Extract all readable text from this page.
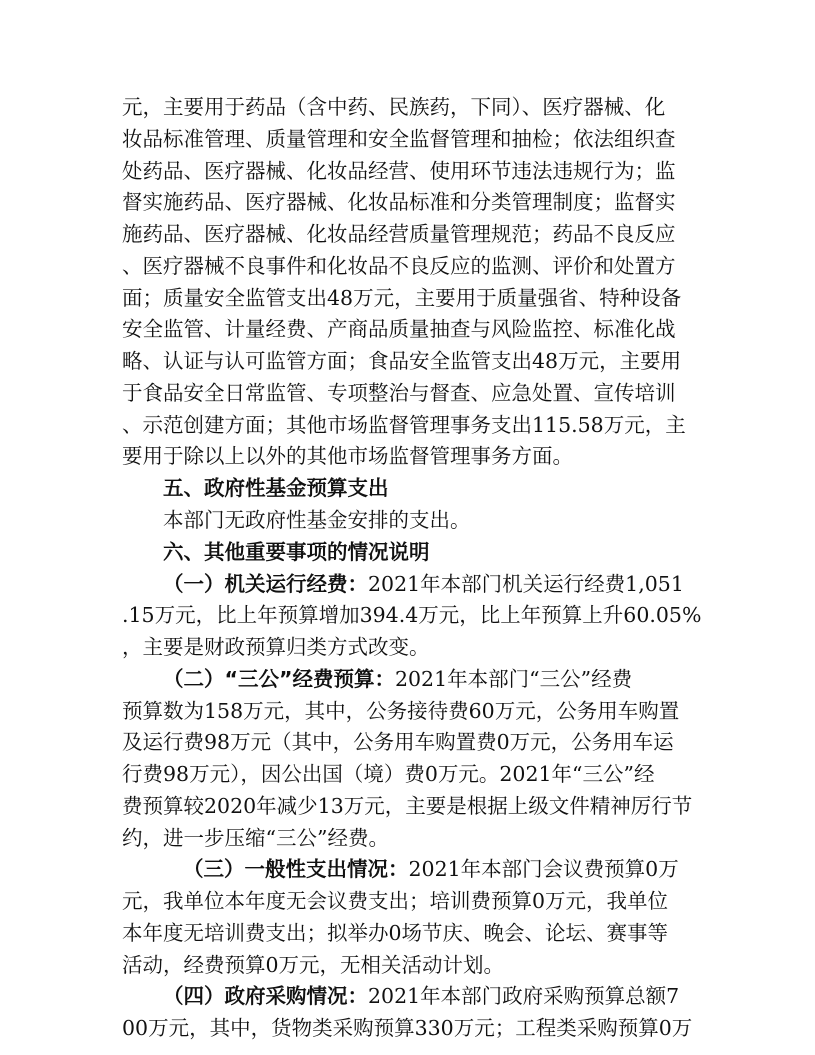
元，主要用于药品（含中药、民族药，下同）、医疗器械、化
妆品标准管理、质量管理和安全监督管理和抽检；依法组织查
处药品、医疗器械、化妆品经营、使用环节违法违规行为；监
督实施药品、医疗器械、化妆品标准和分类管理制度；监督实
施药品、医疗器械、化妆品经营质量管理规范；药品不良反应
、医疗器械不良事件和化妆品不良反应的监测、评价和处置方
面；质量安全监管支出48万元，主要用于质量强省、特种设备
安全监管、计量经费、产商品质量抽查与风险监控、标准化战
略、认证与认可监管方面；食品安全监管支出48万元，主要用
于食品安全日常监管、专项整治与督查、应急处置、宣传培训
、示范创建方面；其他市场监督管理事务支出115.58万元，主
要用于除以上以外的其他市场监督管理事务方面。
五、政府性基金预算支出
本部门无政府性基金安排的支出。
六、其他重要事项的情况说明
（一）机关运行经费：2021年本部门机关运行经费1,051
.15万元，比上年预算增加394.4万元，比上年预算上升60.05%
，主要是财政预算归类方式改变。
（二）“三公”经费预算：2021年本部门“三公”经费
预算数为158万元，其中，公务接待费60万元，公务用车购置
及运行费98万元（其中，公务用车购置费0万元，公务用车运
行费98万元），因公出国（境）费0万元。2021年“三公”经
费预算较2020年减少13万元，主要是根据上级文件精神厉行节
约，进一步压缩“三公”经费。
（三）一般性支出情况：2021年本部门会议费预算0万
元，我单位本年度无会议费支出；培训费预算0万元，我单位
本年度无培训费支出；拟举办0场节庆、晚会、论坛、赛事等
活动，经费预算0万元，无相关活动计划。
（四）政府采购情况：2021年本部门政府采购预算总额7
00万元，其中，货物类采购预算330万元；工程类采购预算0万
